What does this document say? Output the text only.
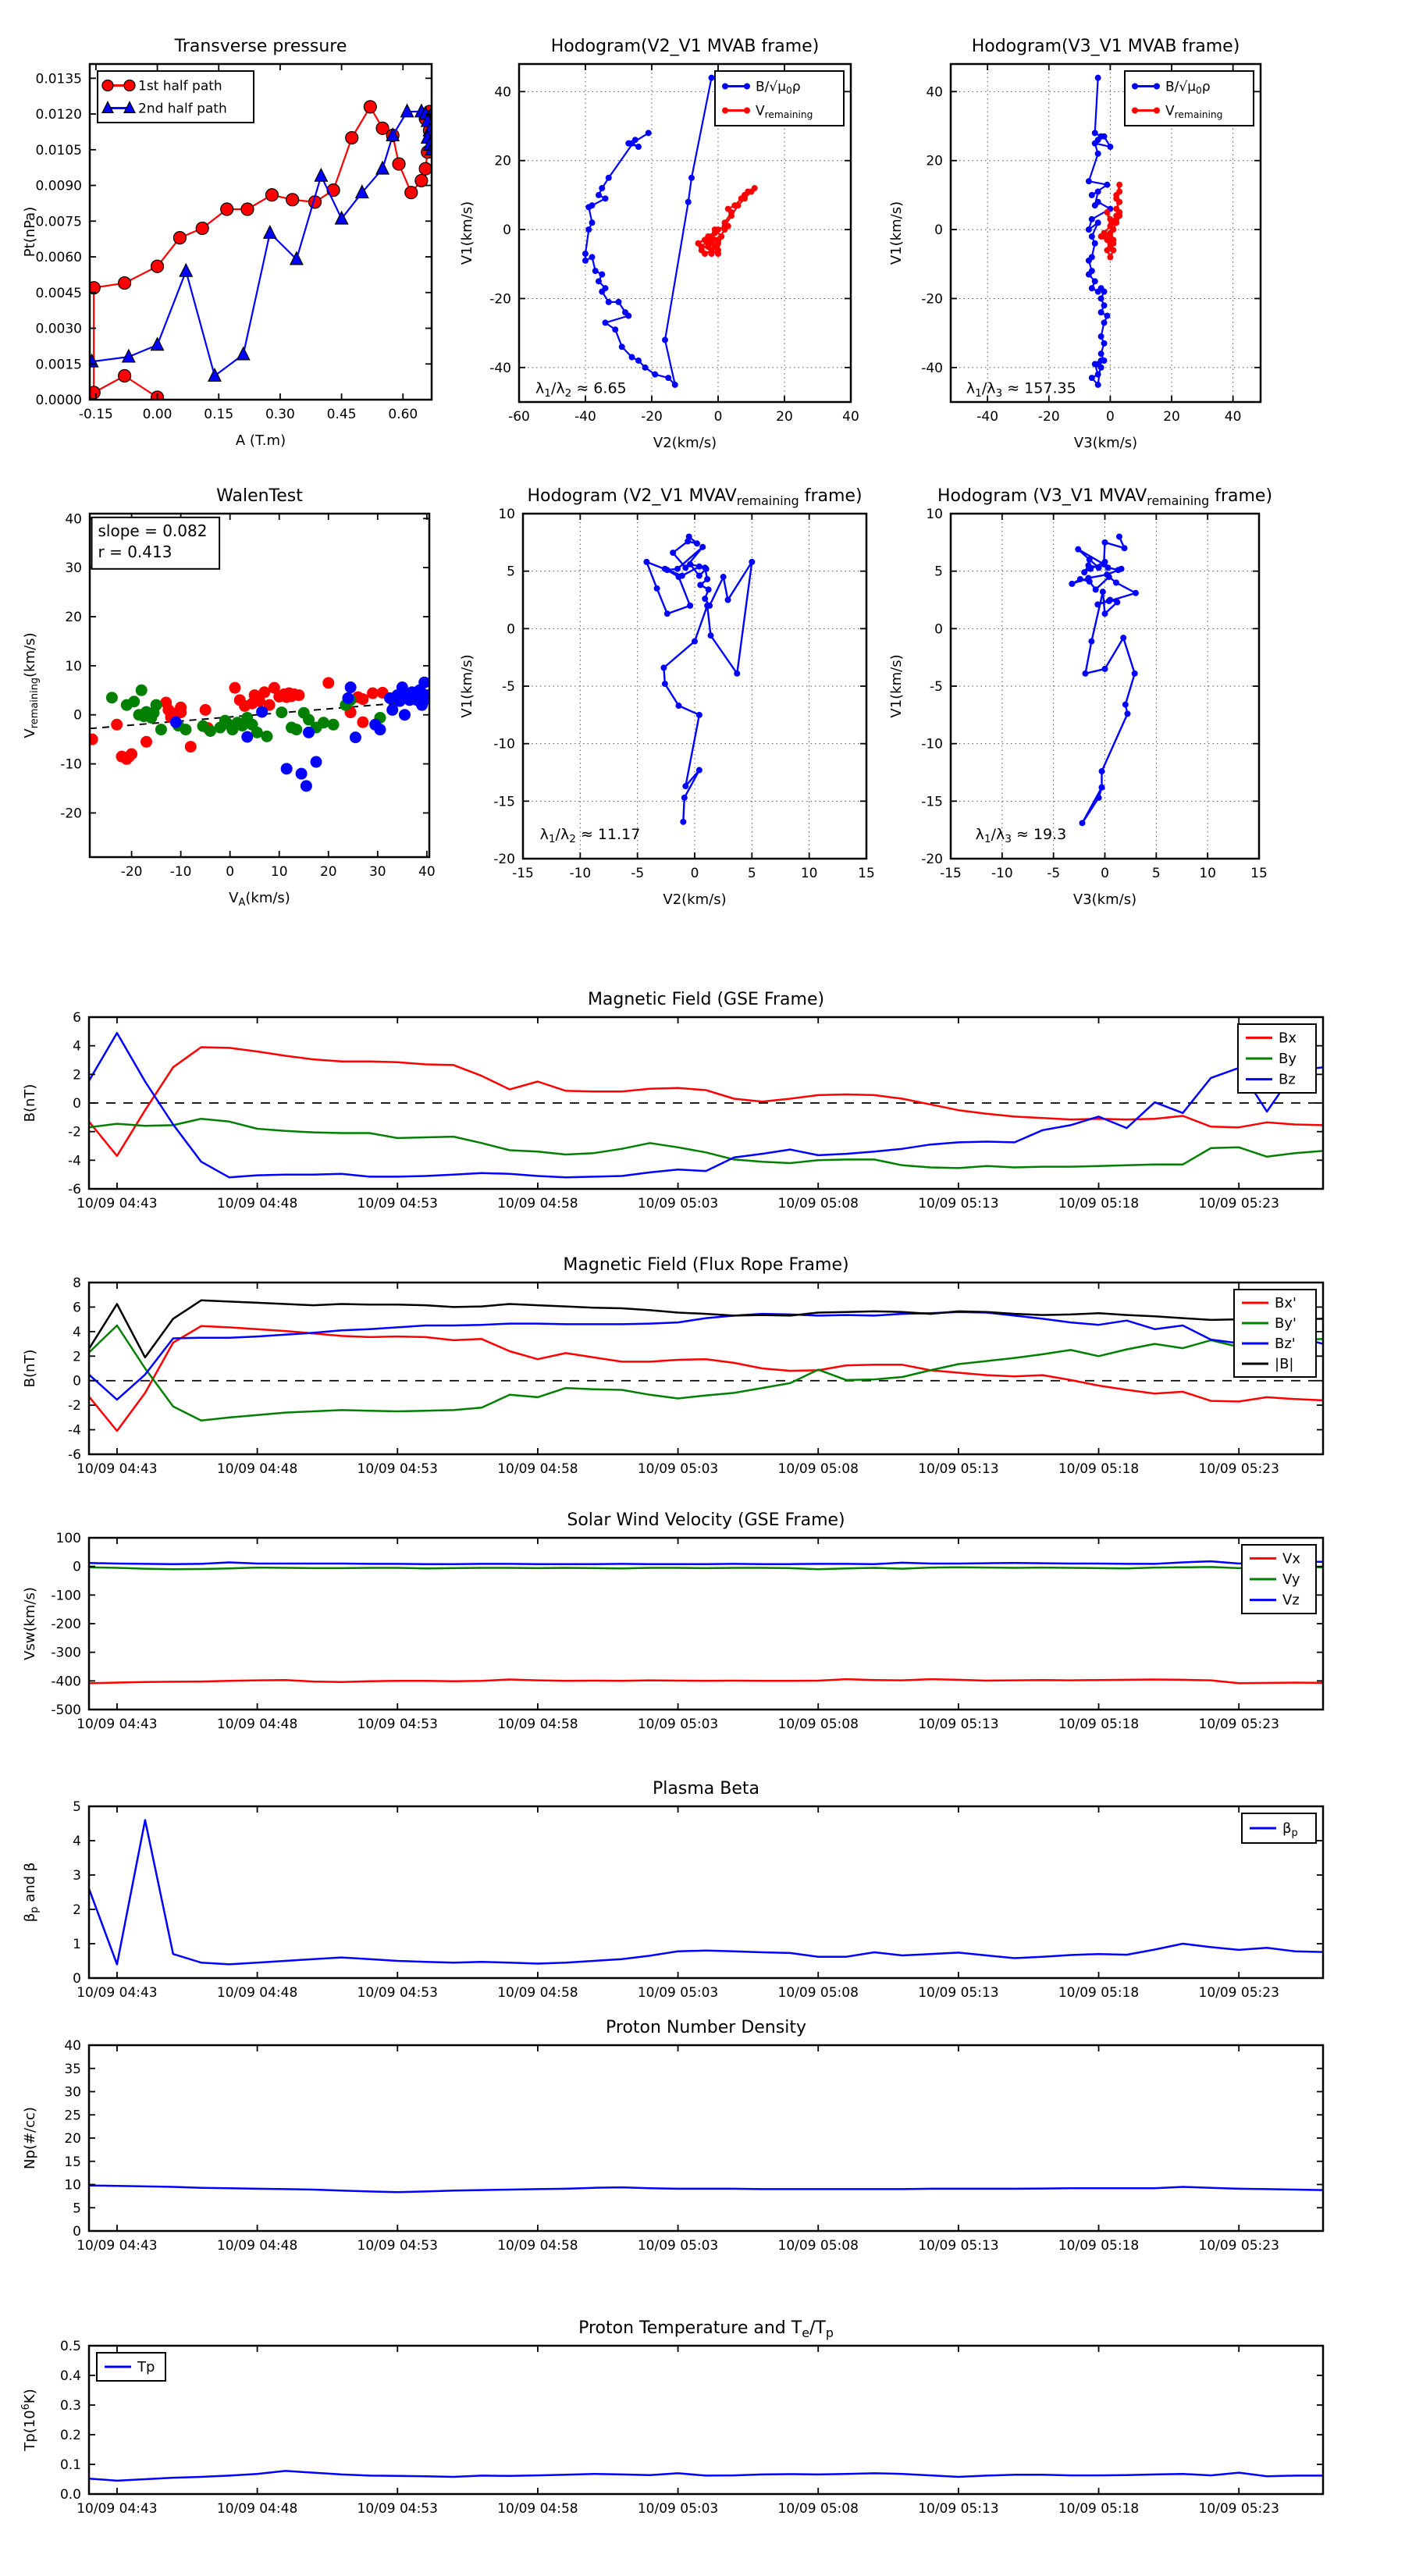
-0.15 0.00 0.15 0.30 0.45 0.60
0.0000
0.0015
0.0030
0.0045
0.0060
0.0075
0.0090
0.0105
0.0120
0.0135
Transverse pressure
A (T.m)
Pt(nPa)
1st half path
2nd half path
-60	-40	-20	0	20	40
-40
-20
0
20
40
Hodogram(V2_V1 MVAB frame)
V2(km/s)
V1(km/s)
$\lambda_1/\lambda_2 \approx 6.65$
$B/√\mu_0\rho$
$V_{remaining}$
-40	-20	0	20	40
-40
-20
0
20
40
Hodogram(V3_V1 MVAB frame)
V3(km/s)
V1(km/s)
$\lambda_1/\lambda_3 \approx 157.35$
$B/√\mu_0\rho$
$V_{remaining}$
-20 -10	0	10 20 30 40
-20
-10
0
10
20
30
40
WalenTest
$V_A(km/s)$
$V_{remaining}(km/s)$
slope = 0.082
r = 0.413
-15	-10	-5	0	5	10	15
-20
-15
-10
-5
0
5
10
Hodogram (V2_V1 $MVAV_{remaining}$ frame)
V2(km/s)
V1(km/s)
$\lambda_1/\lambda_2 \approx 11.17$
-15 -10	-5	0	5	10	15
-20
-15
-10
-5
0
5
10
Hodogram (V3_V1 $MVAV_{remaining}$ frame)
V3(km/s)
V1(km/s)
$\lambda_1/\lambda_3 \approx 19.3$
10/09 04:43	10/09 04:48	10/09 04:53	10/09 04:58	10/09 05:03	10/09 05:08	10/09 05:13	10/09 05:18	10/09 05:23
-6
-4
-2
0
2
4
6
Magnetic Field (GSE Frame)
B(nT)
Bx
By
Bz
10/09 04:43	10/09 04:48	10/09 04:53	10/09 04:58	10/09 05:03	10/09 05:08	10/09 05:13	10/09 05:18	10/09 05:23
-6
-4
-2
0
2
4
6
8
Magnetic Field (Flux Rope Frame)
B(nT)
Bx'
By'
Bz'
|B|
10/09 04:43	10/09 04:48	10/09 04:53	10/09 04:58	10/09 05:03	10/09 05:08	10/09 05:13	10/09 05:18	10/09 05:23
-500
-400
-300
-200
-100
0
100
Solar Wind Velocity (GSE Frame)
Vsw(km/s)
Vx
Vy
Vz
10/09 04:43	10/09 04:48	10/09 04:53	10/09 04:58	10/09 05:03	10/09 05:08	10/09 05:13	10/09 05:18	10/09 05:23
0
1
2
3
4
5
Plasma Beta
$\beta_p$ and β
$\beta_p$
10/09 04:43	10/09 04:48	10/09 04:53	10/09 04:58	10/09 05:03	10/09 05:08	10/09 05:13	10/09 05:18	10/09 05:23
0
5
10
15
20
25
30
35
40
Proton Number Density
Np(#/cc)
10/09 04:43	10/09 04:48	10/09 04:53	10/09 04:58	10/09 05:03	10/09 05:08	10/09 05:13	10/09 05:18	10/09 05:23
0.0
0.1
0.2
0.3
0.4
0.5
Proton Temperature and $T_e/T_p$
$Tp(10^6K)$
Tp
